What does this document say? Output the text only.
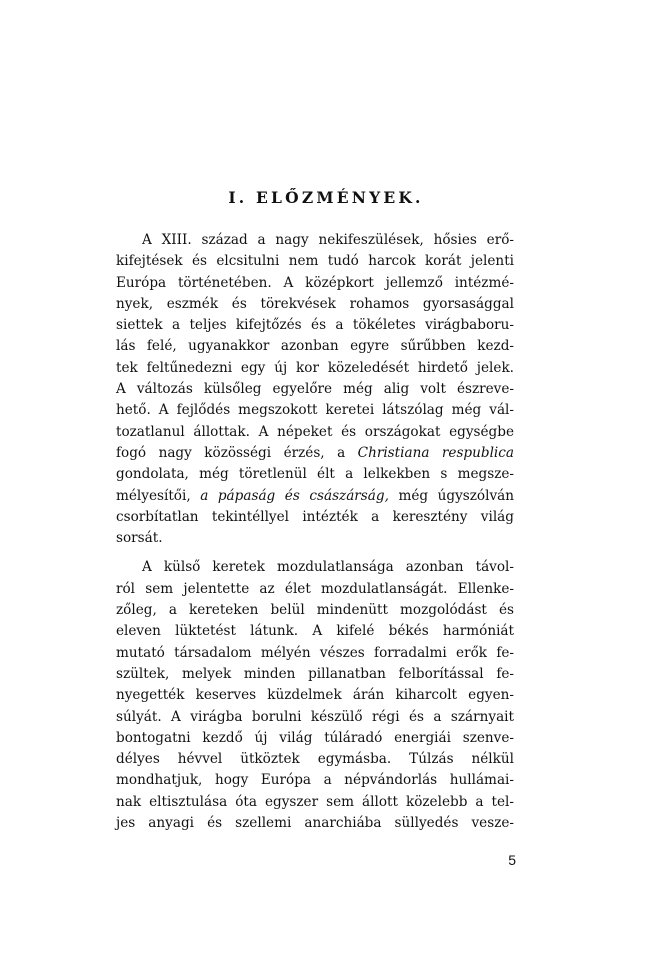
I. ELŐZMÉNYEK.
A XIII. század a nagy nekifeszülések, hősies erő-
kifejtések és elcsitulni nem tudó harcok korát jelenti
Európa történetében. A középkort jellemző intézmé-
nyek, eszmék és törekvések rohamos gyorsasággal
siettek a teljes kifejtőzés és a tökéletes virágbaboru-
lás felé, ugyanakkor azonban egyre sűrűbben kezd-
tek feltűnedezni egy új kor közeledését hirdető jelek.
A változás külsőleg egyelőre még alig volt észreve-
hető. A fejlődés megszokott keretei látszólag még vál-
tozatlanul állottak. A népeket és országokat egységbe
fogó nagy közösségi érzés, a Christiana respublica
gondolata, még töretlenül élt a lelkekben s megsze-
mélyesítői, a pápaság és császárság, még úgyszólván
csorbítatlan tekintéllyel intézték a keresztény világ
sorsát.
A külső keretek mozdulatlansága azonban távol-
ról sem jelentette az élet mozdulatlanságát. Ellenke-
zőleg, a kereteken belül mindenütt mozgolódást és
eleven lüktetést látunk. A kifelé békés harmóniát
mutató társadalom mélyén vészes forradalmi erők fe-
szültek, melyek minden pillanatban felborítással fe-
nyegették keserves küzdelmek árán kiharcolt egyen-
súlyát. A virágba borulni készülő régi és a szárnyait
bontogatni kezdő új világ túláradó energiái szenve-
délyes hévvel ütköztek egymásba. Túlzás nélkül
mondhatjuk, hogy Európa a népvándorlás hullámai-
nak eltisztulása óta egyszer sem állott közelebb a tel-
jes anyagi és szellemi anarchiába süllyedés vesze-
5
